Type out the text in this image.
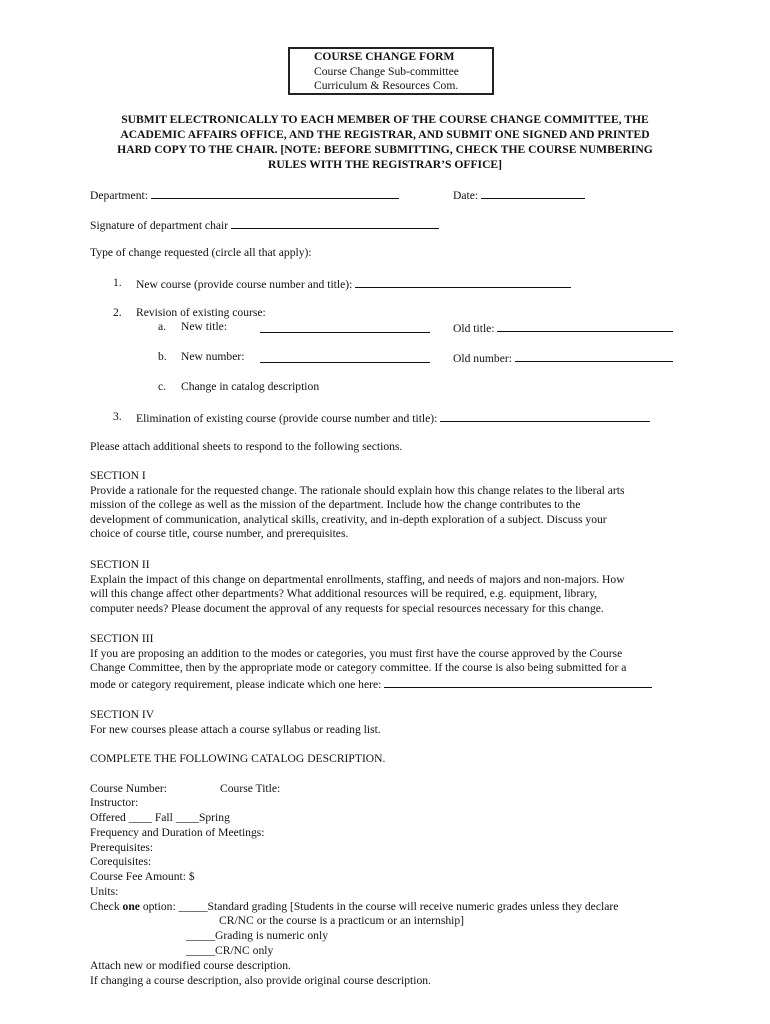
COURSE CHANGE FORM
Course Change Sub-committee
Curriculum & Resources Com.
SUBMIT ELECTRONICALLY TO EACH MEMBER OF THE COURSE CHANGE COMMITTEE, THE
ACADEMIC AFFAIRS OFFICE, AND THE REGISTRAR, AND SUBMIT ONE SIGNED AND PRINTED
HARD COPY TO THE CHAIR. [NOTE: BEFORE SUBMITTING, CHECK THE COURSE NUMBERING
RULES WITH THE REGISTRAR’S OFFICE]
Department:	Date:
Signature of department chair
Type of change requested (circle all that apply):
1. New course (provide course number and title):
2. Revision of existing course:
a. New title:	Old title:
b. New number:	Old number:
c. Change in catalog description
3. Elimination of existing course (provide course number and title):
Please attach additional sheets to respond to the following sections.
SECTION I
Provide a rationale for the requested change. The rationale should explain how this change relates to the liberal arts
mission of the college as well as the mission of the department. Include how the change contributes to the
development of communication, analytical skills, creativity, and in-depth exploration of a subject. Discuss your
choice of course title, course number, and prerequisites.
SECTION II
Explain the impact of this change on departmental enrollments, staffing, and needs of majors and non-majors. How
will this change affect other departments? What additional resources will be required, e.g. equipment, library,
computer needs? Please document the approval of any requests for special resources necessary for this change.
SECTION III
If you are proposing an addition to the modes or categories, you must first have the course approved by the Course
Change Committee, then by the appropriate mode or category committee. If the course is also being submitted for a
mode or category requirement, please indicate which one here:
SECTION IV
For new courses please attach a course syllabus or reading list.
COMPLETE THE FOLLOWING CATALOG DESCRIPTION.
Course Number:	Course Title:
Instructor:
Offered ____ Fall ____Spring
Frequency and Duration of Meetings:
Prerequisites:
Corequisites:
Course Fee Amount: $
Units:
Check one option: _____Standard grading [Students in the course will receive numeric grades unless they declare
CR/NC or the course is a practicum or an internship]
_____Grading is numeric only
_____CR/NC only
Attach new or modified course description.
If changing a course description, also provide original course description.
